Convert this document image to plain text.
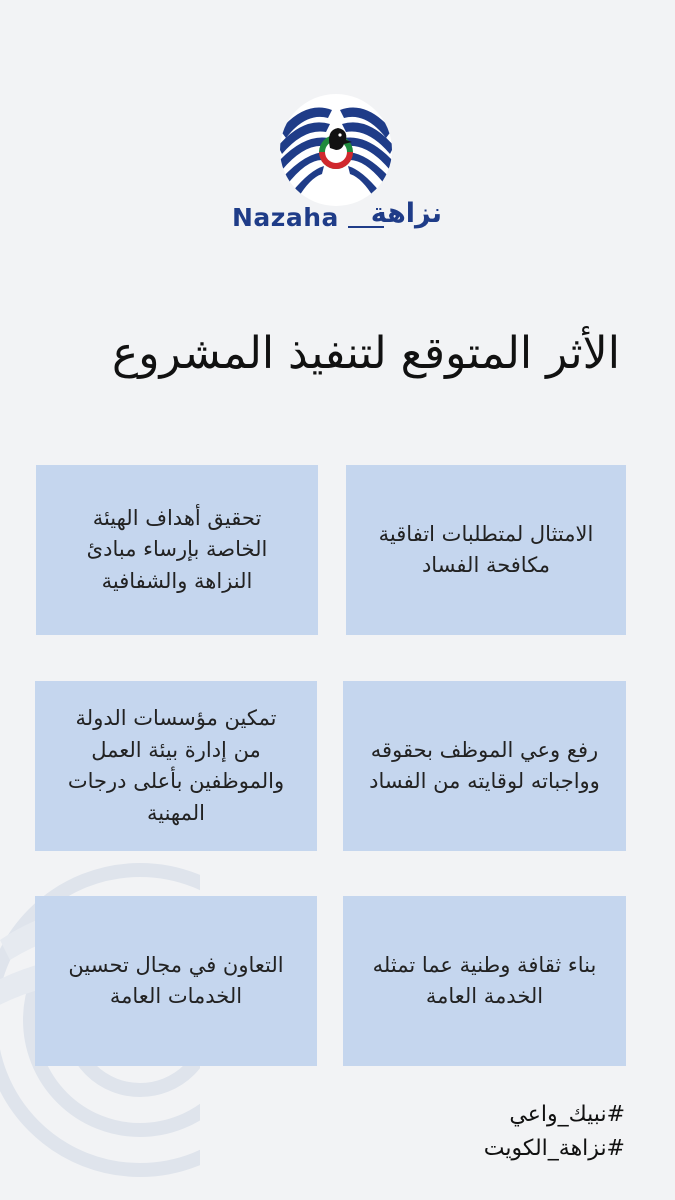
Nazaha	نزاهة
الأثر المتوقع لتنفيذ المشروع
الامتثال لمتطلبات اتفاقية مكافحة الفساد
تحقيق أهداف الهيئة الخاصة بإرساء مبادئ النزاهة والشفافية
رفع وعي الموظف بحقوقه وواجباته لوقايته من الفساد
تمكين مؤسسات الدولة من إدارة بيئة العمل والموظفين بأعلى درجات المهنية
بناء ثقافة وطنية عما تمثله الخدمة العامة
التعاون في مجال تحسين الخدمات العامة
#نبيك_واعي
#نزاهة_الكويت
